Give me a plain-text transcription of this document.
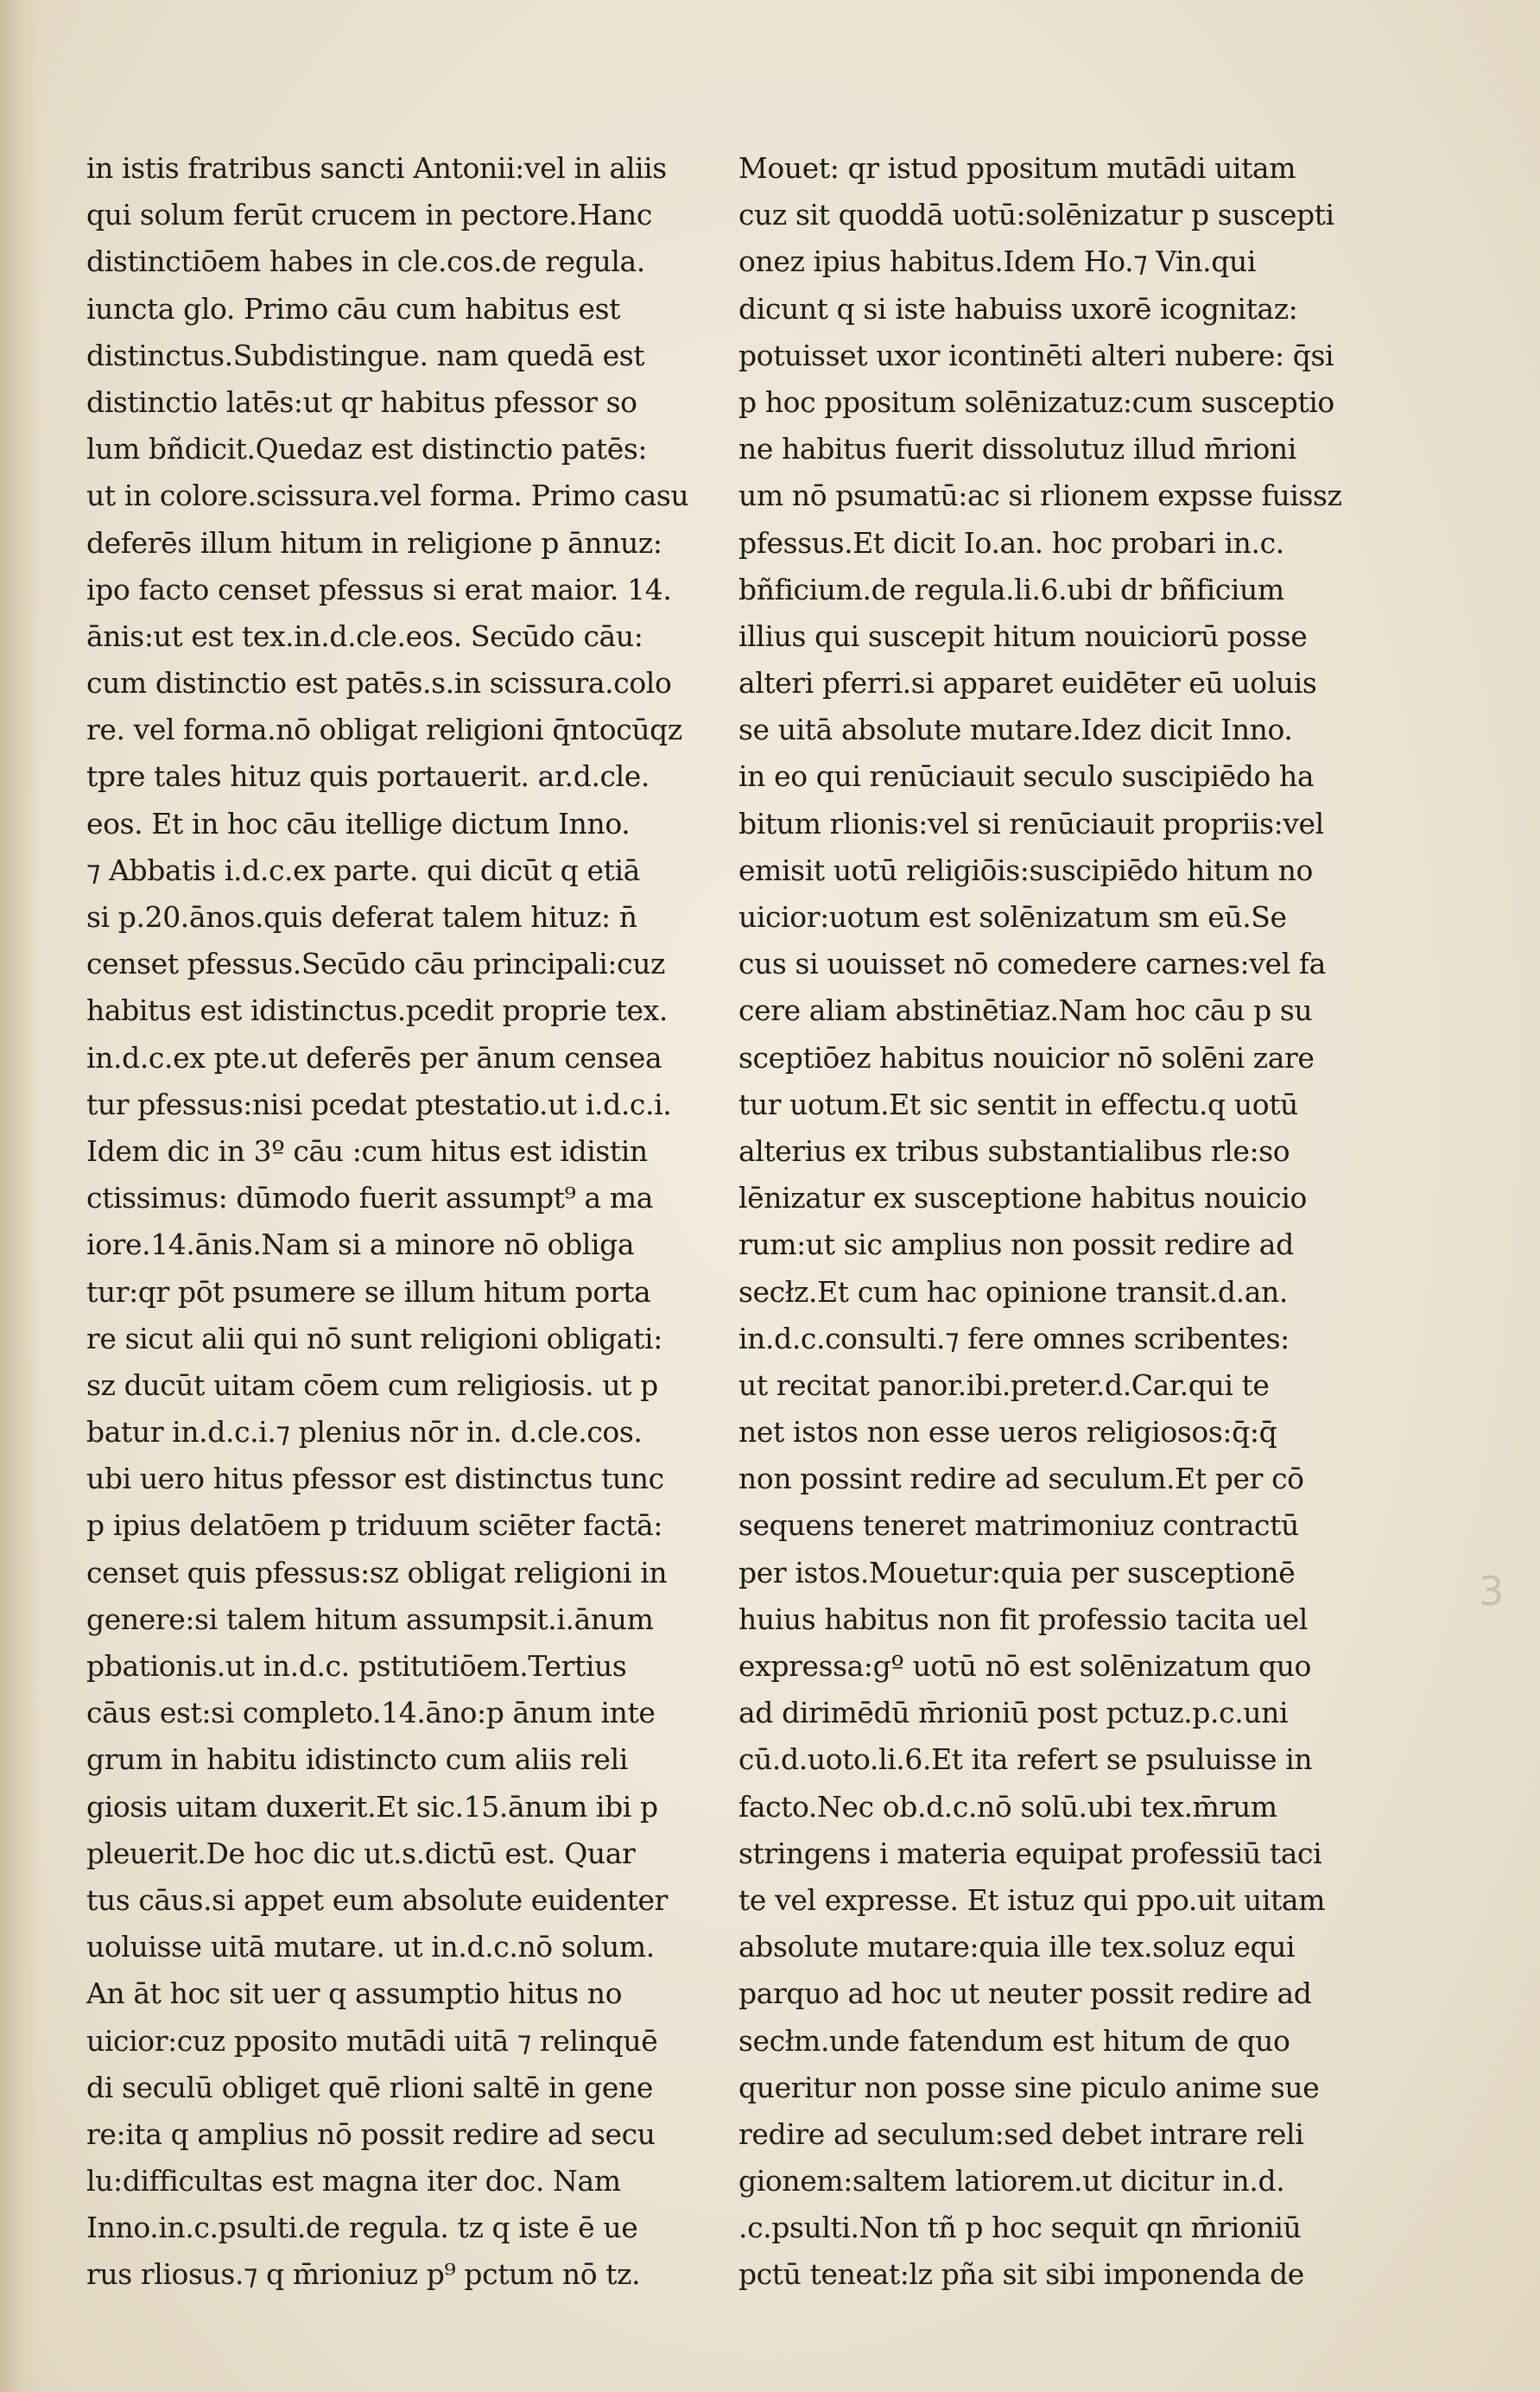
in istis fratribus sancti Antonii:vel in aliis
qui solum ferūt crucem in pectore.Hanc
distinctiōem habes in cle.cos.de regula.
iuncta glo. Primo cāu cum habitus est
distinctus.Subdistingue. nam quedā est
distinctio latēs:ut qr habitus pfessor so
lum bñdicit.Quedaz est distinctio patēs:
ut in colore.scissura.vel forma. Primo casu
deferēs illum hitum in religione p ānnuz:
ipo facto censet pfessus si erat maior. 14.
ānis:ut est tex.in.d.cle.eos. Secūdo cāu:
cum distinctio est patēs.s.in scissura.colo
re. vel forma.nō obligat religioni q̄ntocūqz
tpre tales hituz quis portauerit. ar.d.cle.
eos. Et in hoc cāu itellige dictum Inno.
⁊ Abbatis i.d.c.ex parte. qui dicūt q etiā
si p.20.ānos.quis deferat talem hituz: n̄
censet pfessus.Secūdo cāu principali:cuz
habitus est idistinctus.pcedit proprie tex.
in.d.c.ex pte.ut deferēs per ānum censea
tur pfessus:nisi pcedat ptestatio.ut i.d.c.i.
Idem dic in 3º cāu :cum hitus est idistin
ctissimus: dūmodo fuerit assumpt⁹ a ma
iore.14.ānis.Nam si a minore nō obliga
tur:qr pōt psumere se illum hitum porta
re sicut alii qui nō sunt religioni obligati:
sz ducūt uitam cōem cum religiosis. ut p
batur in.d.c.i.⁊ plenius nōr in. d.cle.cos.
ubi uero hitus pfessor est distinctus tunc
p ipius delatōem p triduum sciēter factā:
censet quis pfessus:sz obligat religioni in
genere:si talem hitum assumpsit.i.ānum
pbationis.ut in.d.c. pstitutiōem.Tertius
cāus est:si completo.14.āno:p ānum inte
grum in habitu idistincto cum aliis reli
giosis uitam duxerit.Et sic.15.ānum ibi p
pleuerit.De hoc dic ut.s.dictū est. Quar
tus cāus.si appet eum absolute euidenter
uoluisse uitā mutare. ut in.d.c.nō solum.
An āt hoc sit uer q assumptio hitus no
uicior:cuz pposito mutādi uitā ⁊ relinquē
di seculū obliget quē rlioni saltē in gene
re:ita q amplius nō possit redire ad secu
lu:difficultas est magna iter doc. Nam
Inno.in.c.psulti.de regula. tz q iste ē ue
rus rliosus.⁊ q m̄rioniuz p⁹ pctum nō tz.
Mouet: qr istud ppositum mutādi uitam
cuz sit quoddā uotū:solēnizatur p suscepti
onez ipius habitus.Idem Ho.⁊ Vin.qui
dicunt q si iste habuiss uxorē icognitaz:
potuisset uxor icontinēti alteri nubere: q̄si
p hoc ppositum solēnizatuz:cum susceptio
ne habitus fuerit dissolutuz illud m̄rioni
um nō psumatū:ac si rlionem expsse fuissz
pfessus.Et dicit Io.an. hoc probari in.c.
bñficium.de regula.li.6.ubi dr bñficium
illius qui suscepit hitum nouiciorū posse
alteri pferri.si apparet euidēter eū uoluis
se uitā absolute mutare.Idez dicit Inno.
in eo qui renūciauit seculo suscipiēdo ha
bitum rlionis:vel si renūciauit propriis:vel
emisit uotū religiōis:suscipiēdo hitum no
uicior:uotum est solēnizatum sm eū.Se
cus si uouisset nō comedere carnes:vel fa
cere aliam abstinētiaz.Nam hoc cāu p su
sceptiōez habitus nouicior nō solēni zare
tur uotum.Et sic sentit in effectu.q uotū
alterius ex tribus substantialibus rle:so
lēnizatur ex susceptione habitus nouicio
rum:ut sic amplius non possit redire ad
secłz.Et cum hac opinione transit.d.an.
in.d.c.consulti.⁊ fere omnes scribentes:
ut recitat panor.ibi.preter.d.Car.qui te
net istos non esse ueros religiosos:q̄:q̄
non possint redire ad seculum.Et per cō
sequens teneret matrimoniuz contractū
per istos.Mouetur:quia per susceptionē
huius habitus non fit professio tacita uel
expressa:gº uotū nō est solēnizatum quo
ad dirimēdū m̄rioniū post pctuz.p.c.uni
cū.d.uoto.li.6.Et ita refert se psuluisse in
facto.Nec ob.d.c.nō solū.ubi tex.m̄rum
stringens i materia equipat professiū taci
te vel expresse. Et istuz qui ppo.uit uitam
absolute mutare:quia ille tex.soluz equi
parquo ad hoc ut neuter possit redire ad
secłm.unde fatendum est hitum de quo
queritur non posse sine piculo anime sue
redire ad seculum:sed debet intrare reli
gionem:saltem latiorem.ut dicitur in.d.
.c.psulti.Non tñ p hoc sequit qn m̄rioniū
pctū teneat:lz pña sit sibi imponenda de
3
